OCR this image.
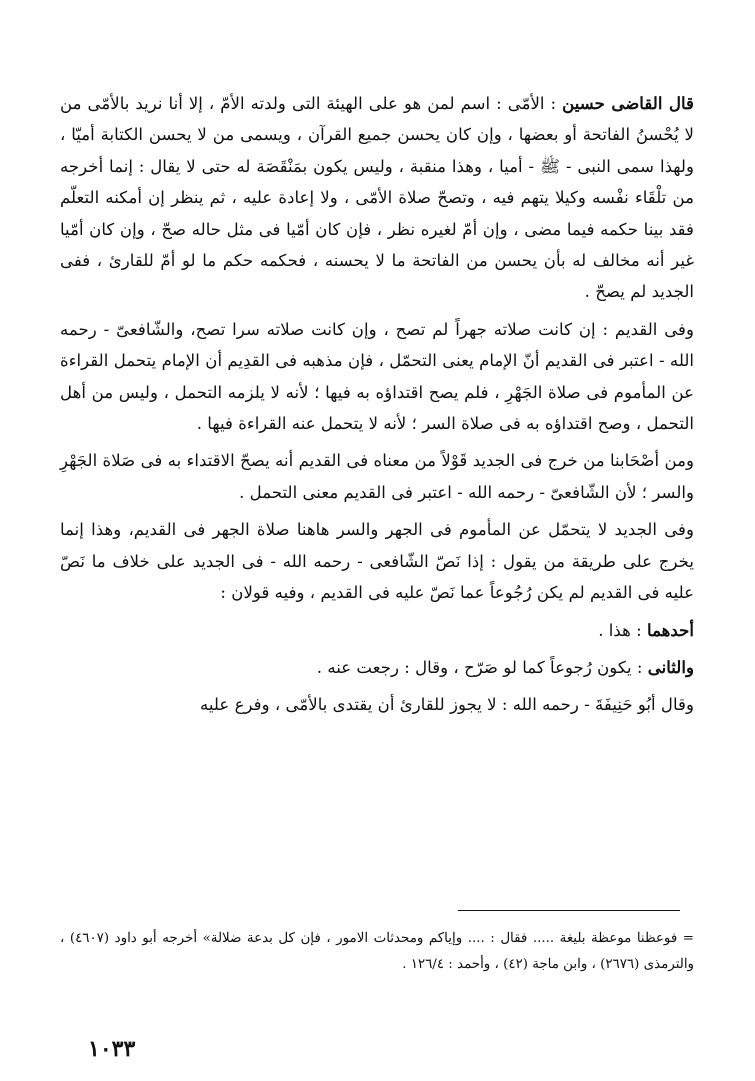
قال القاضى حسين : الأمّى : اسم لمن هو على الهيئة التى ولدته الأمّ ، إلا أنا نريد بالأمّى من لا يُحْسنُ الفاتحة أو بعضها ، وإن كان يحسن جميع القرآن ، ويسمى من لا يحسن الكتابة أميّا ، ولهذا سمى النبى - ﷺ - أميا ، وهذا منقبة ، وليس يكون بمَنْقَصَة له حتى لا يقال : إنما أخرجه من تلْقَاء نفْسه وكيلا يتهم فيه ، وتصحّ صلاة الأمّى ، ولا إعادة عليه ، ثم ينظر إن أمكنه التعلّم فقد بينا حكمه فيما مضى ، وإن أمّ لغيره نظر ، فإن كان أمّيا فى مثل حاله صحّ ، وإن كان أمّيا غير أنه مخالف له بأن يحسن من الفاتحة ما لا يحسنه ، فحكمه حكم ما لو أمّ للقارئ ، ففى الجديد لم يصحّ .

وفى القديم : إن كانت صلاته جهراً لم تصح ، وإن كانت صلاته سرا تصح، والشّافعىّ - رحمه الله - اعتبر فى القديم أنّ الإمام يعنى التحمّل ، فإن مذهبه فى القدِيم أن الإمام يتحمل القراءة عن المأموم فى صلاة الجَهْرِ ، فلم يصح اقتداؤه به فيها ؛ لأنه لا يلزمه التحمل ، وليس من أهل التحمل ، وصح اقتداؤه به فى صلاة السر ؛ لأنه لا يتحمل عنه القراءة فيها .

ومن أصْحَابنا من خرج فى الجديد قَوْلاً من معناه فى القديم أنه يصحّ الاقتداء به فى صَلاة الجَهْرِ والسر ؛ لأن الشّافعىّ - رحمه الله - اعتبر فى القديم معنى التحمل .

وفى الجديد لا يتحمّل عن المأموم فى الجهر والسر هاهنا صلاة الجهر فى القديم، وهذا إنما يخرج على طريقة من يقول : إذا نَصّ الشّافعى - رحمه الله - فى الجديد على خلاف ما نَصّ عليه فى القديم لم يكن رُجُوعاً عما نَصّ عليه فى القديم ، وفيه قولان :

أحدهما : هذا .

والثانى : يكون رُجوعاً كما لو صَرّح ، وقال : رجعت عنه .

وقال أبُو حَنِيفَةَ - رحمه الله : لا يجوز للقارئ أن يقتدى بالأمّى ، وفرع عليه

= فوعظنا موعظة بليغة ..... فقال : .... وإياكم ومحدثات الامور ، فإن كل بدعة ضلالة» أخرجه أبو داود (٤٦٠٧) ، والترمذى (٢٦٧٦) ، وابن ماجة (٤٢) ، وأحمد : ١٢٦/٤ .
١٠٣٣
